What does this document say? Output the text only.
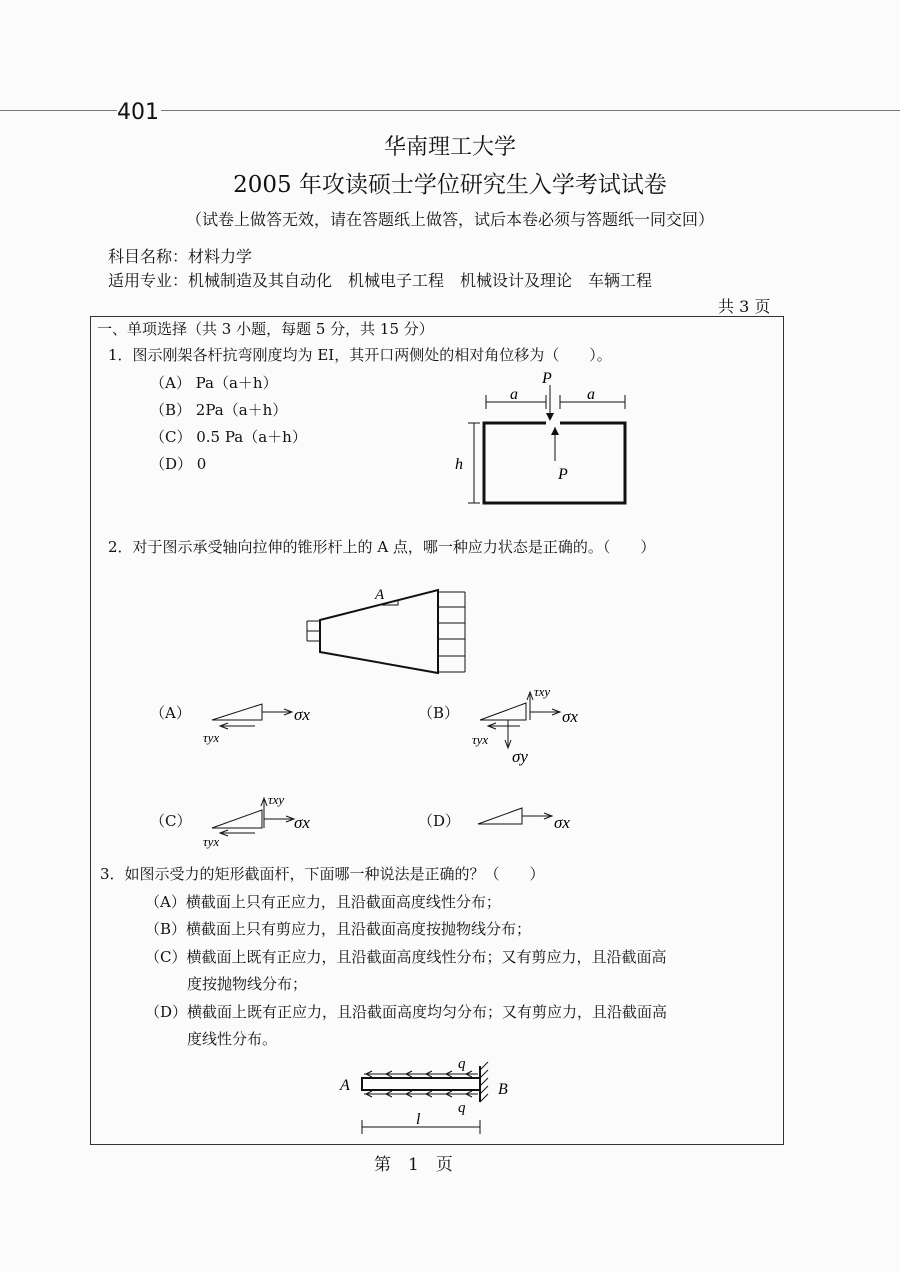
401
华南理工大学
2005 年攻读硕士学位研究生入学考试试卷
（试卷上做答无效，请在答题纸上做答，试后本卷必须与答题纸一同交回）
科目名称：材料力学
适用专业：机械制造及其自动化　机械电子工程　机械设计及理论　车辆工程
共 3 页
一、单项选择（共 3 小题，每题 5 分，共 15 分）
1．图示刚架各杆抗弯刚度均为 EI，其开口两侧处的相对角位移为（　　）。
（A） Pa（a＋h）
（B） 2Pa（a＋h）
（C） 0.5 Pa（a＋h）
（D） 0
a	a
h
P
P
2．对于图示承受轴向拉伸的锥形杆上的 A 点，哪一种应力状态是正确的。（　　）
A
（A）	（B）
（C）	（D）
σx
τyx
σx
τxy
τyx
σy
σx
τxy
τyx
σx
3．如图示受力的矩形截面杆，下面哪一种说法是正确的？（　　）
（A）横截面上只有正应力，且沿截面高度线性分布；
（B）横截面上只有剪应力，且沿截面高度按抛物线分布；
（C）横截面上既有正应力，且沿截面高度线性分布；又有剪应力，且沿截面高
度按抛物线分布；
（D）横截面上既有正应力，且沿截面高度均匀分布；又有剪应力，且沿截面高
度线性分布。
A	B
q
q
l
第　1　页
